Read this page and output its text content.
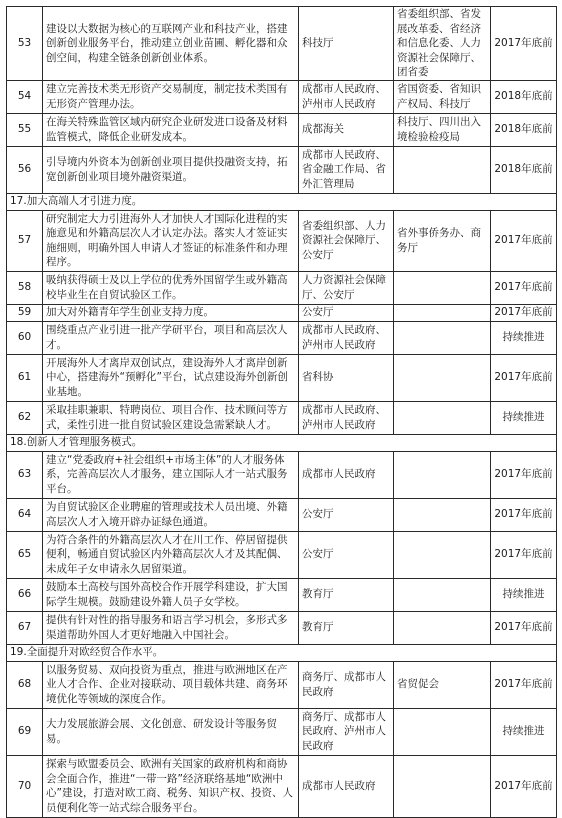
53	建设以大数据为核心的互联网产业和科技产业，搭建创新创业服务平台，推动建立创业苗圃、孵化器和众创空间，构建全链条创新创业体系。	科技厅	省委组织部、省发展改革委、省经济和信息化委、人力资源社会保障厅、团省委	2017年底前
54	建立完善技术类无形资产交易制度，制定技术类国有无形资产管理办法。	成都市人民政府、泸州市人民政府	省国资委、省知识产权局、科技厅	2018年底前
55	在海关特殊监管区域内研究企业研发进口设备及材料监管模式，降低企业研发成本。	成都海关	科技厅、四川出入境检验检疫局	2018年底前
56	引导境内外资本为创新创业项目提供投融资支持，拓宽创新创业项目境外融资渠道。	成都市人民政府、省金融工作局、省外汇管理局		2018年底前
17.加大高端人才引进力度。				
57	研究制定大力引进海外人才加快人才国际化进程的实施意见和外籍高层次人才认定办法。落实人才签证实施细则，明确外国人申请人才签证的标准条件和办理程序。	省委组织部、人力资源社会保障厅、公安厅	省外事侨务办、商务厅	2017年底前
58	吸纳获得硕士及以上学位的优秀外国留学生或外籍高校毕业生在自贸试验区工作。	人力资源社会保障厅、公安厅		2017年底前
59	加大对外籍青年学生创业支持力度。	公安厅		2017年底前
60	围绕重点产业引进一批产学研平台，项目和高层次人才。	成都市人民政府、泸州市人民政府		持续推进
61	开展海外人才离岸双创试点，建设海外人才离岸创新中心，搭建海外“预孵化”平台，试点建设海外创新创业基地。	省科协		2017年底前
62	采取挂职兼职、特聘岗位、项目合作、技术顾问等方式，柔性引进一批自贸试验区建设急需紧缺人才。	成都市人民政府、泸州市人民政府		持续推进
18.创新人才管理服务模式。				
63	建立“党委政府+社会组织+市场主体”的人才服务体系，完善高层次人才服务，建立国际人才一站式服务平台。	成都市人民政府		2017年底前
64	为自贸试验区企业聘雇的管理或技术人员出境、外籍高层次人才入境开辟办证绿色通道。	公安厅		2017年底前
65	为符合条件的外籍高层次人才在川工作、停居留提供便利，畅通自贸试验区内外籍高层次人才及其配偶、未成年子女申请永久居留渠道。	公安厅		2017年底前
66	鼓励本土高校与国外高校合作开展学科建设，扩大国际学生规模。鼓励建设外籍人员子女学校。	教育厅		持续推进
67	提供有针对性的指导服务和语言学习机会，多形式多渠道帮助外国人才更好地融入中国社会。	教育厅		2017年底前
19.全面提升对欧经贸合作水平。				
68	以服务贸易、双向投资为重点，推进与欧洲地区在产业人才合作、企业对接联动、项目载体共建、商务环境优化等领域的深度合作。	商务厅、成都市人民政府	省贸促会	2017年底前
69	大力发展旅游会展、文化创意、研发设计等服务贸易。	商务厅、成都市人民政府、泸州市人民政府		持续推进
70	探索与欧盟委员会、欧洲有关国家的政府机构和商协会全面合作，推进“一带一路”经济联络基地“欧洲中心”建设，打造对欧工商、税务、知识产权、投资、人员便利化等一站式综合服务平台。	成都市人民政府		2017年底前
